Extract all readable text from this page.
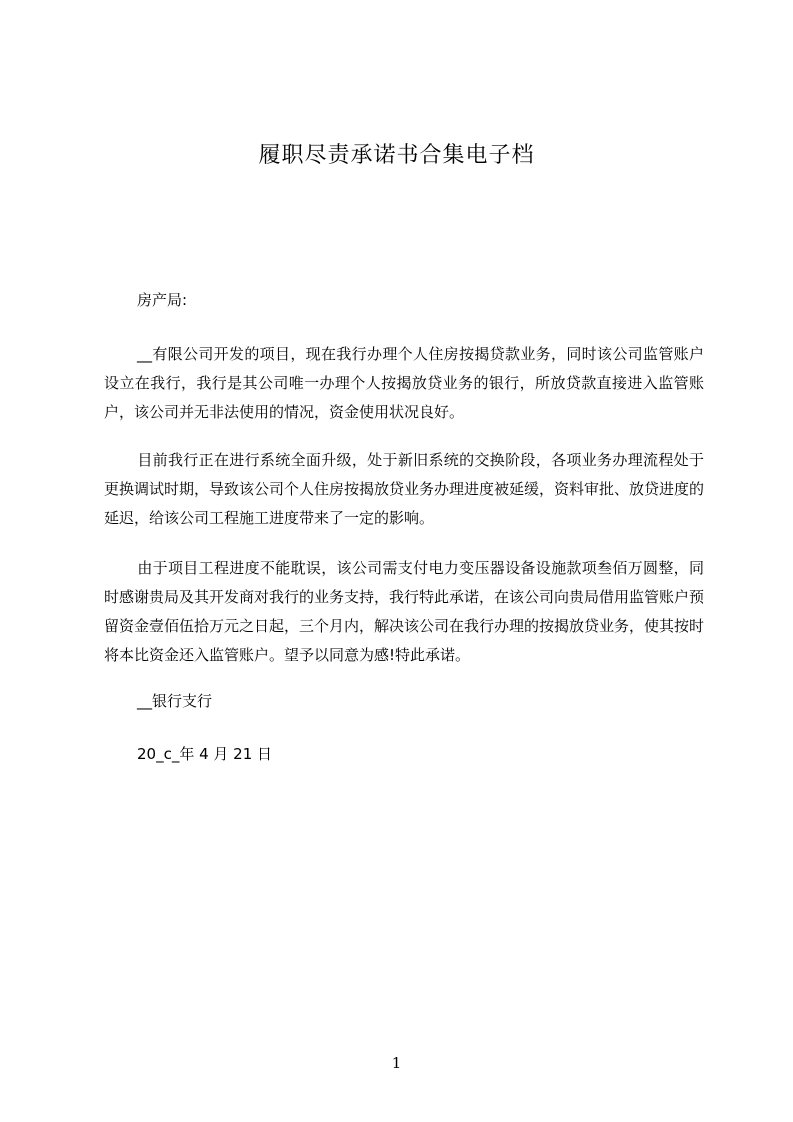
履职尽责承诺书合集电子档
房产局:
__有限公司开发的项目，现在我行办理个人住房按揭贷款业务，同时该公司监管账户设立在我行，我行是其公司唯一办理个人按揭放贷业务的银行，所放贷款直接进入监管账户，该公司并无非法使用的情况，资金使用状况良好。
目前我行正在进行系统全面升级，处于新旧系统的交换阶段，各项业务办理流程处于更换调试时期，导致该公司个人住房按揭放贷业务办理进度被延缓，资料审批、放贷进度的延迟，给该公司工程施工进度带来了一定的影响。
由于项目工程进度不能耽误，该公司需支付电力变压器设备设施款项叁佰万圆整，同时感谢贵局及其开发商对我行的业务支持，我行特此承诺，在该公司向贵局借用监管账户预留资金壹佰伍拾万元之日起，三个月内，解决该公司在我行办理的按揭放贷业务，使其按时将本比资金还入监管账户。望予以同意为感!特此承诺。
__银行支行
20_c_年 4 月 21 日
1
